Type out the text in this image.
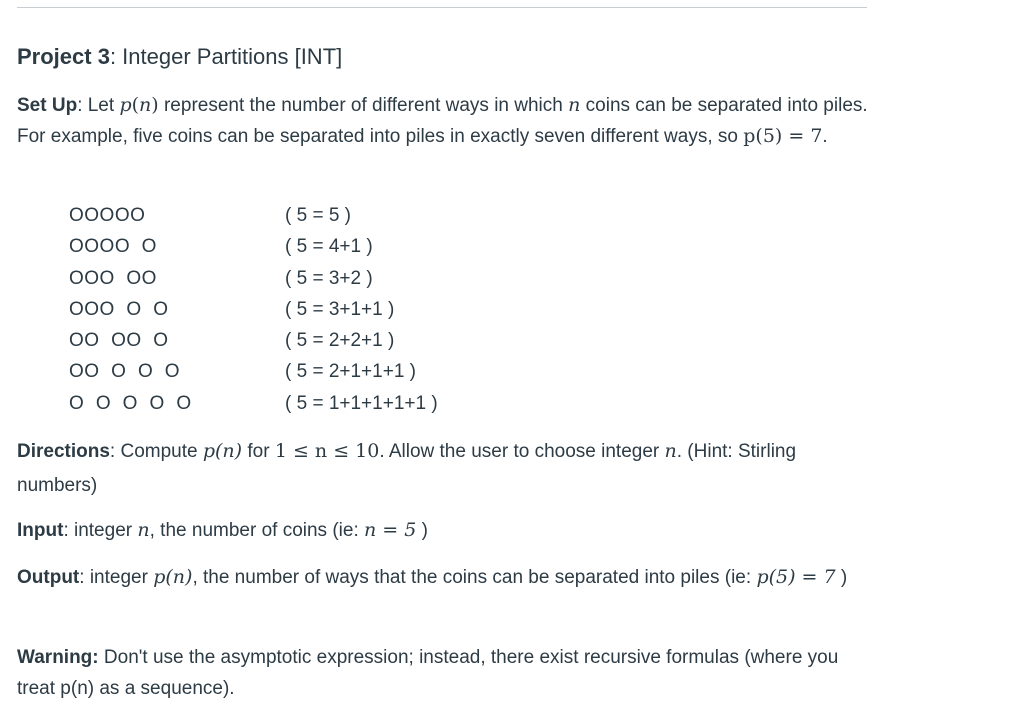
Project 3: Integer Partitions [INT]

Set Up: Let p(n) represent the number of different ways in which n coins can be separated into piles. For example, five coins can be separated into piles in exactly seven different ways, so p(5) = 7.

OOOOO	( 5 = 5 )
OOOO  O	( 5 = 4+1 )
OOO  OO	( 5 = 3+2 )
OOO  O  O	( 5 = 3+1+1 )
OO  OO  O	( 5 = 2+2+1 )
OO  O  O  O	( 5 = 2+1+1+1 )
O  O  O  O  O	( 5 = 1+1+1+1+1 )

Directions: Compute p(n) for 1 ≤ n ≤ 10. Allow the user to choose integer n. (Hint: Stirling numbers)

Input: integer n, the number of coins (ie: n = 5 )

Output: integer p(n), the number of ways that the coins can be separated into piles (ie: p(5) = 7 )

Warning: Don't use the asymptotic expression; instead, there exist recursive formulas (where you treat p(n) as a sequence).
